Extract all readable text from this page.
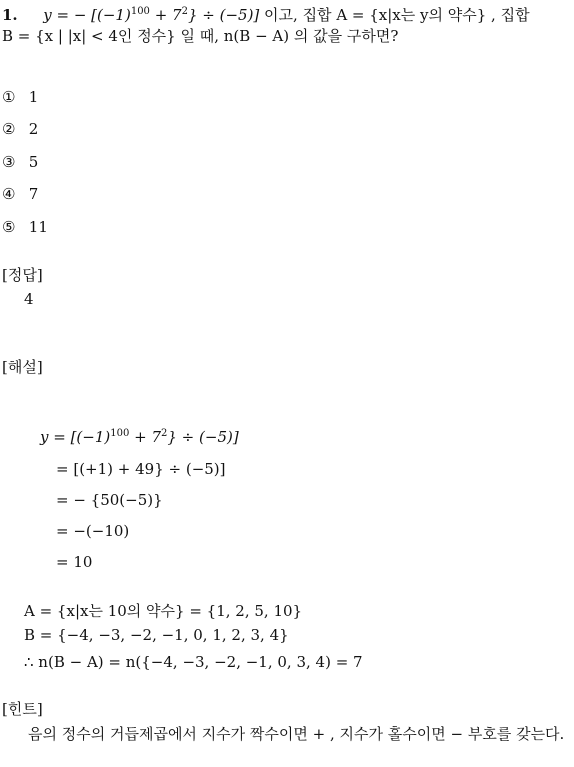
1. y = − $[(-1)^{100} + 7^2\} \div (-5)$] 이고, 집합 A = {x|x는 y의 약수} , 집합
B = {x | |x| < 4인 정수} 일 때, n(B − A) 의 값을 구하면?
① 1
② 2
③ 5
④ 7
⑤ 11
[정답]
4
[해설]
$y = [(-1)^{100} + 7^2\} \div (-5)$]
= [(+1) + 49} ÷ (−5)]
= − {50(−5)}
= −(−10)
= 10
A = {x|x는 10의 약수} = {1, 2, 5, 10}
B = {−4, −3, −2, −1, 0, 1, 2, 3, 4}
∴ n(B − A) = n({−4, −3, −2, −1, 0, 3, 4) = 7
[힌트]
음의 정수의 거듭제곱에서 지수가 짝수이면 + , 지수가 홀수이면 − 부호를 갖는다.
